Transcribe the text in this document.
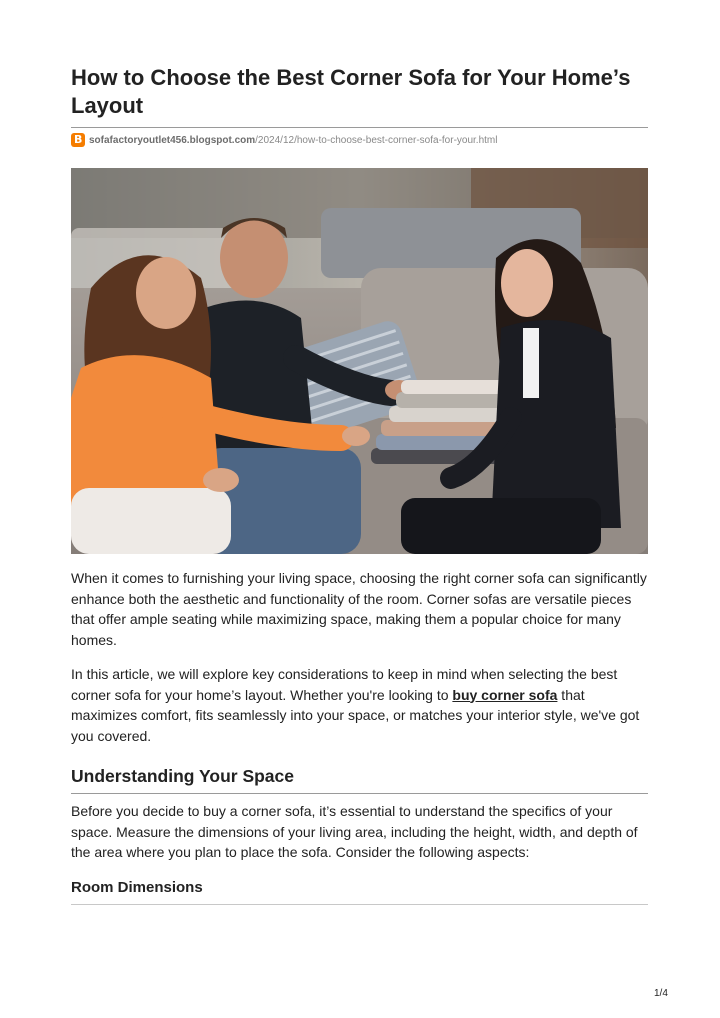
How to Choose the Best Corner Sofa for Your Home’s Layout
B sofafactoryoutlet456.blogspot.com /2024/12/how-to-choose-best-corner-sofa-for-your.html

When it comes to furnishing your living space, choosing the right corner sofa can significantly enhance both the aesthetic and functionality of the room. Corner sofas are versatile pieces that offer ample seating while maximizing space, making them a popular choice for many homes.

In this article, we will explore key considerations to keep in mind when selecting the best corner sofa for your home’s layout. Whether you're looking to buy corner sofa that maximizes comfort, fits seamlessly into your space, or matches your interior style, we've got you covered.

Understanding Your Space

Before you decide to buy a corner sofa, it’s essential to understand the specifics of your space. Measure the dimensions of your living area, including the height, width, and depth of the area where you plan to place the sofa. Consider the following aspects:

Room Dimensions
1/4
